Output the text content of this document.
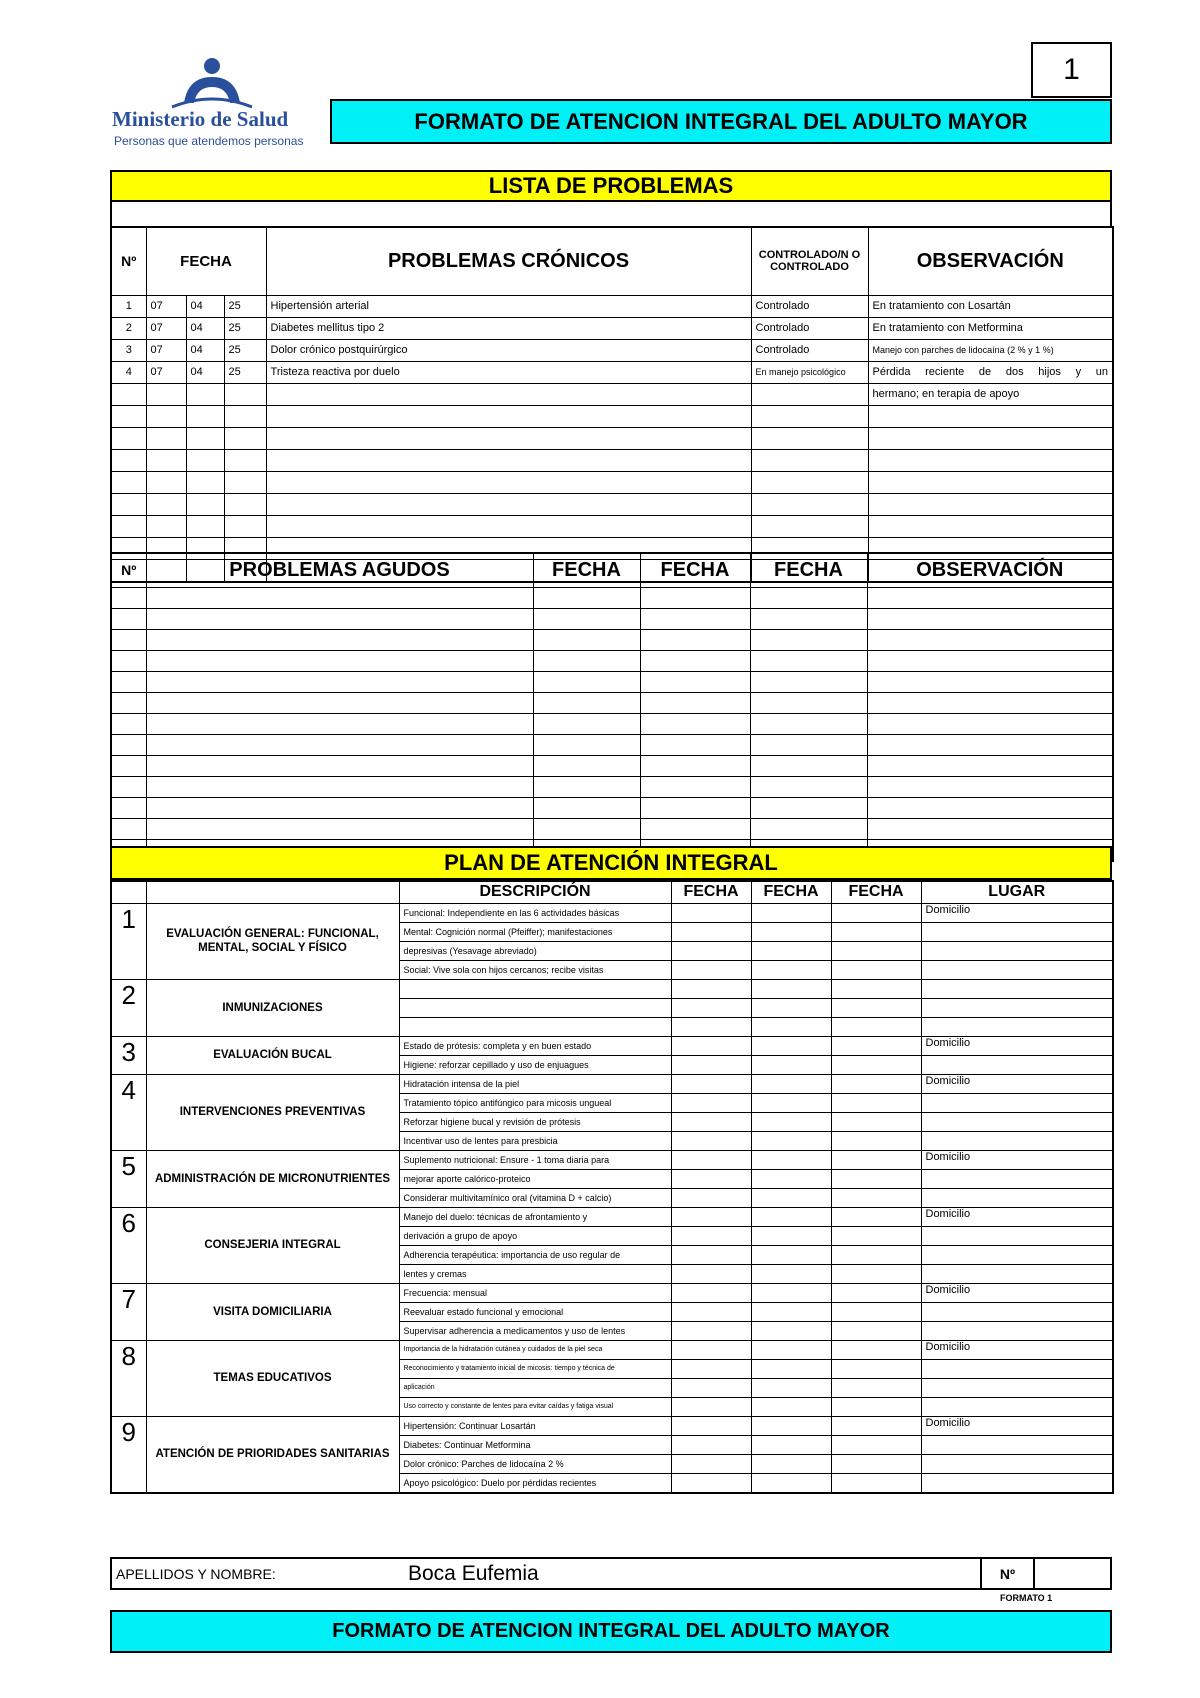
1
Ministerio de Salud
Personas que atendemos personas
FORMATO DE ATENCION INTEGRAL DEL ADULTO MAYOR
LISTA DE PROBLEMAS
Nº	FECHA			PROBLEMAS CRÓNICOS	CONTROLADO/N O CONTROLADO	OBSERVACIÓN
1	07	04	25	Hipertensión arterial	Controlado	En tratamiento con Losartán
2	07	04	25	Diabetes mellitus tipo 2	Controlado	En tratamiento con Metformina
3	07	04	25	Dolor crónico postquirúrgico	Controlado	Manejo con parches de lidocaína (2 % y 1 %)
4	07	04	25	Tristeza reactiva por duelo	En manejo psicológico	Pérdida reciente de dos hijos y un
						hermano; en terapia de apoyo

Nº	PROBLEMAS AGUDOS	FECHA	FECHA	FECHA	OBSERVACIÓN

PLAN DE ATENCIÓN INTEGRAL
		DESCRIPCIÓN	FECHA	FECHA	FECHA	LUGAR
1	EVALUACIÓN GENERAL: FUNCIONAL, MENTAL, SOCIAL Y FÍSICO	Funcional: Independiente en las 6 actividades básicas				Domicilio
		Mental: Cognición normal (Pfeiffer); manifestaciones				
		depresivas (Yesavage abreviado)				
		Social: Vive sola con hijos cercanos; recibe visitas				
2	INMUNIZACIONES					

3	EVALUACIÓN BUCAL	Estado de prótesis: completa y en buen estado				Domicilio
		Higiene: reforzar cepillado y uso de enjuagues				
4	INTERVENCIONES PREVENTIVAS	Hidratación intensa de la piel				Domicilio
		Tratamiento tópico antifúngico para micosis ungueal				
		Reforzar higiene bucal y revisión de prótesis				
		Incentivar uso de lentes para presbicia				
5	ADMINISTRACIÓN DE MICRONUTRIENTES	Suplemento nutricional: Ensure - 1 toma diaria para				Domicilio
		mejorar aporte calórico-proteico				
		Considerar multivitamínico oral (vitamina D + calcio)				
6	CONSEJERIA INTEGRAL	Manejo del duelo: técnicas de afrontamiento y				Domicilio
		derivación a grupo de apoyo				
		Adherencia terapéutica: importancia de uso regular de				
		lentes y cremas				
7	VISITA DOMICILIARIA	Frecuencia: mensual				Domicilio
		Reevaluar estado funcional y emocional				
		Supervisar adherencia a medicamentos y uso de lentes				
8	TEMAS EDUCATIVOS	Importancia de la hidratación cutánea y cuidados de la piel seca				Domicilio
		Reconocimiento y tratamiento inicial de micosis: tiempo y técnica de				
		aplicación				
		Uso correcto y constante de lentes para evitar caídas y fatiga visual				
9	ATENCIÓN DE PRIORIDADES SANITARIAS	Hipertensión: Continuar Losartán				Domicilio
		Diabetes: Continuar Metformina				
		Dolor crónico: Parches de lidocaína 2 %				
		Apoyo psicológico: Duelo por pérdidas recientes				
APELLIDOS Y NOMBRE:	Boca Eufemia	Nº
FORMATO 1
FORMATO DE ATENCION INTEGRAL DEL ADULTO MAYOR
